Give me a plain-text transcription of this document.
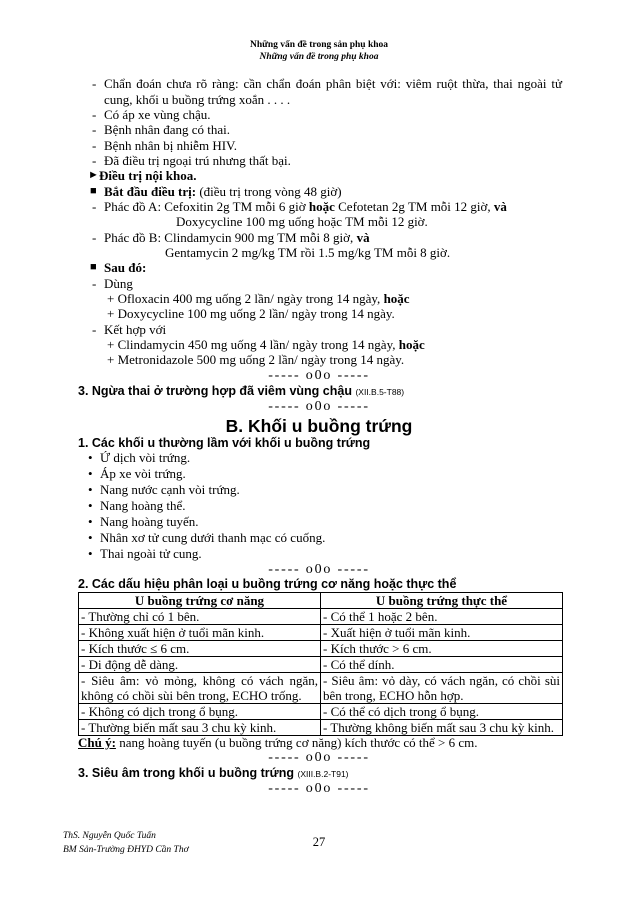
Những vấn đề trong sản phụ khoa
Những vấn đề trong phụ khoa
- Chẩn đoán chưa rõ ràng: cần chẩn đoán phân biệt với: viêm ruột thừa, thai ngoài tử
cung, khối u buồng trứng xoắn . . . .
- Có áp xe vùng chậu.
- Bệnh nhân đang có thai.
- Bệnh nhân bị nhiễm HIV.
- Đã điều trị ngoại trú nhưng thất bại.
► Điều trị nội khoa.
■ Bắt đầu điều trị: (điều trị trong vòng 48 giờ)
- Phác đồ A: Cefoxitin 2g TM mỗi 6 giờ hoặc Cefotetan 2g TM mỗi 12 giờ, và
Doxycycline 100 mg uống hoặc TM mỗi 12 giờ.
- Phác đồ B: Clindamycin 900 mg TM mỗi 8 giờ, và
Gentamycin 2 mg/kg TM rồi 1.5 mg/kg TM mỗi 8 giờ.
■ Sau đó:
- Dùng
+ Ofloxacin 400 mg uống 2 lần/ ngày trong 14 ngày, hoặc
+ Doxycycline 100 mg uống 2 lần/ ngày trong 14 ngày.
- Kết hợp với
+ Clindamycin 450 mg uống 4 lần/ ngày trong 14 ngày, hoặc
+ Metronidazole 500 mg uống 2 lần/ ngày trong 14 ngày.
----- o0o -----
3. Ngừa thai ở trường hợp đã viêm vùng chậu (XII.B.5-T88)
----- o0o -----
B. Khối u buồng trứng
1. Các khối u thường lầm với khối u buồng trứng
• Ứ dịch vòi trứng.
• Áp xe vòi trứng.
• Nang nước cạnh vòi trứng.
• Nang hoàng thể.
• Nang hoàng tuyến.
• Nhân xơ tử cung dưới thanh mạc có cuống.
• Thai ngoài tử cung.
----- o0o -----
2. Các dấu hiệu phân loại u buồng trứng cơ năng hoặc thực thể
U buồng trứng cơ năng	U buồng trứng thực thể
- Thường chỉ có 1 bên.	- Có thể 1 hoặc 2 bên.
- Không xuất hiện ở tuổi mãn kinh.	- Xuất hiện ở tuổi mãn kinh.
- Kích thước ≤ 6 cm.	- Kích thước > 6 cm.
- Di động dễ dàng.	- Có thể dính.

- Siêu âm: vỏ mỏng, không có vách ngăn,
không có chồi sùi bên trong, ECHO trống.	- Siêu âm: vỏ dày, có vách ngăn, có chồi sùi
bên trong, ECHO hỗn hợp.

- Không có dịch trong ổ bụng.	- Có thể có dịch trong ổ bụng.
- Thường biến mất sau 3 chu kỳ kinh.	- Thường không biến mất sau 3 chu kỳ kinh.
Chú ý: nang hoàng tuyến (u buồng trứng cơ năng) kích thước có thể > 6 cm.
----- o0o -----
3. Siêu âm trong khối u buồng trứng (XIII.B.2-T91)
----- o0o -----
ThS. Nguyễn Quốc Tuấn
BM Sản-Trường ĐHYD Cần Thơ
27
